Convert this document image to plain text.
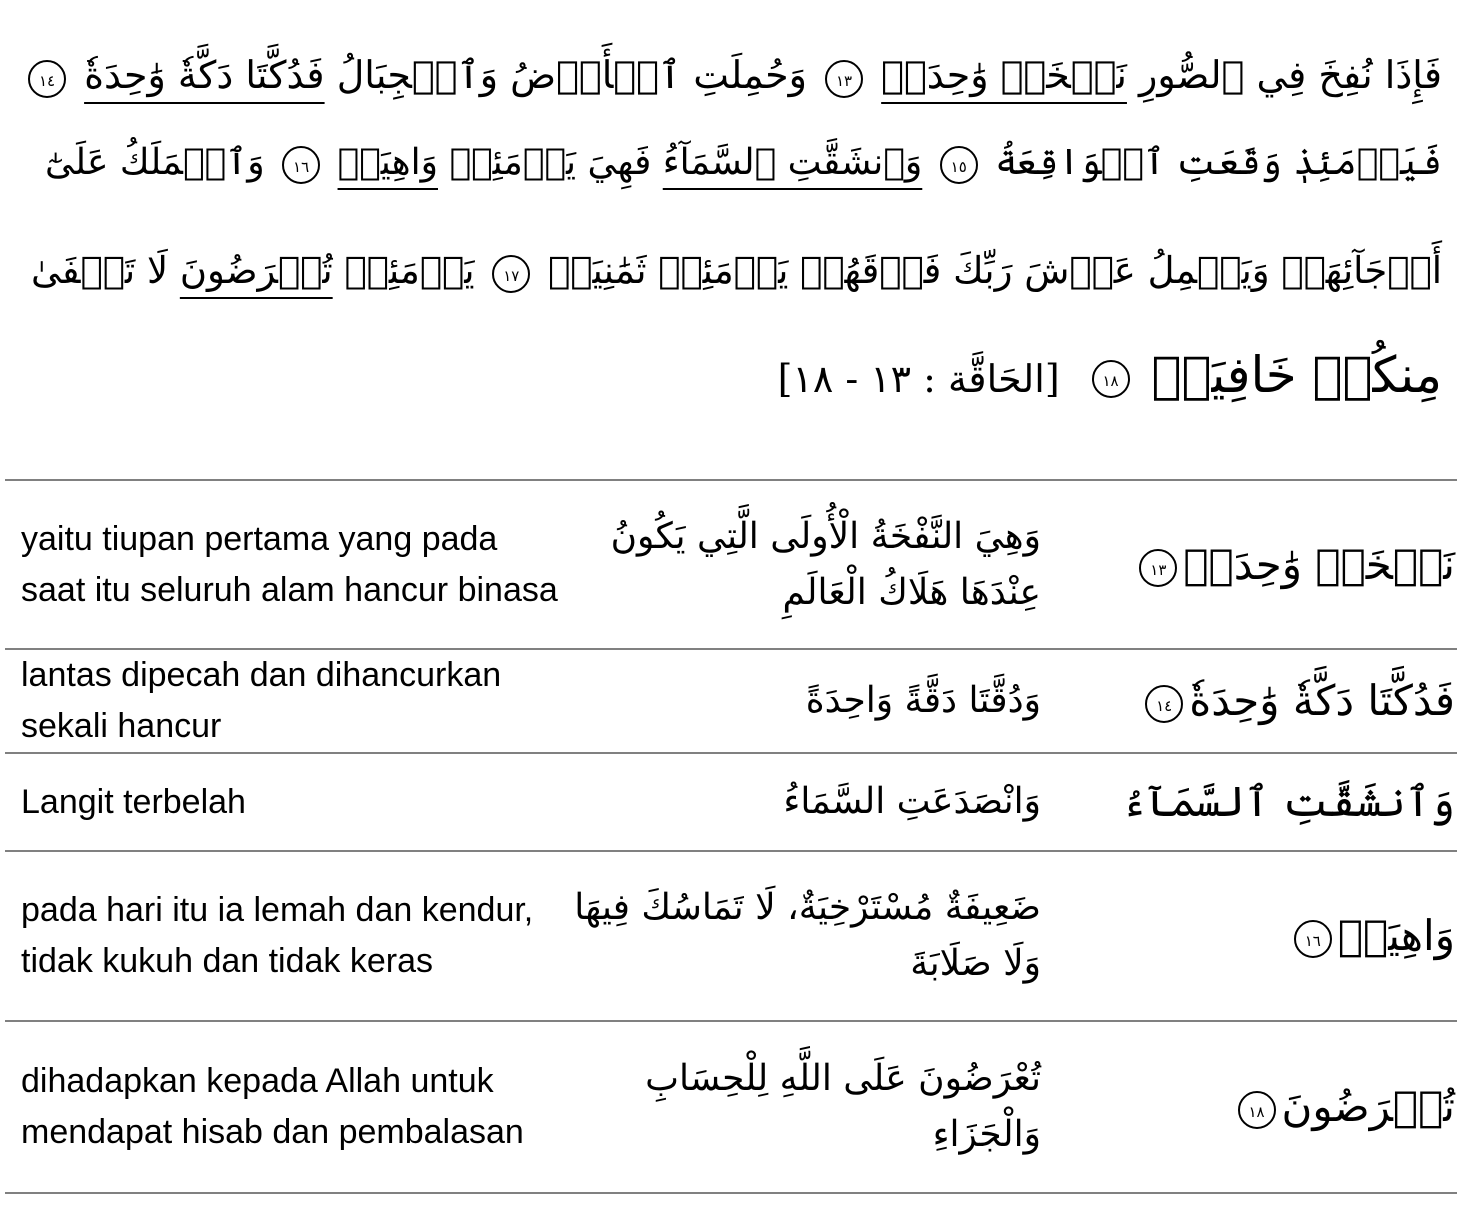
فَإِذَا نُفِخَ فِي ٱلصُّورِ نَفۡخَةٞ وَٰحِدَةٞ ١٣ وَحُمِلَتِ ٱلۡأَرۡضُ وَٱلۡجِبَالُ فَدُكَّتَا دَكَّةٗ وَٰحِدَةٗ ١٤
فَيَوۡمَئِذٖ وَقَعَتِ ٱلۡوَاقِعَةُ ١٥ وَٱنشَقَّتِ ٱلسَّمَآءُ فَهِيَ يَوۡمَئِذٖ وَاهِيَةٞ ١٦ وَٱلۡمَلَكُ عَلَىٰٓ
أَرۡجَآئِهَاۚ وَيَحۡمِلُ عَرۡشَ رَبِّكَ فَوۡقَهُمۡ يَوۡمَئِذٖ ثَمَٰنِيَةٞ ١٧ يَوۡمَئِذٖ تُعۡرَضُونَ لَا تَخۡفَىٰ
مِنكُمۡ خَافِيَةٞ ١٨ [الحَاقَّة : ١٣ - ١٨]
yaitu tiupan pertama yang pada saat itu seluruh alam hancur binasa	وَهِيَ النَّفْخَةُ الْأُولَى الَّتِي يَكُونُ عِنْدَهَا هَلَاكُ الْعَالَمِ	نَفۡخَةٞ وَٰحِدَةٞ١٣
lantas dipecah dan dihancurkan sekali hancur	وَدُقَّتَا دَقَّةً وَاحِدَةً	فَدُكَّتَا دَكَّةٗ وَٰحِدَةٗ١٤
Langit terbelah	وَانْصَدَعَتِ السَّمَاءُ	وَٱنشَقَّتِ ٱلسَّمَآءُ
pada hari itu ia lemah dan kendur, tidak kukuh dan tidak keras	ضَعِيفَةٌ مُسْتَرْخِيَةٌ، لَا تَمَاسُكَ فِيهَا وَلَا صَلَابَةَ	وَاهِيَةٞ١٦
dihadapkan kepada Allah untuk mendapat hisab dan pembalasan	تُعْرَضُونَ عَلَى اللَّهِ لِلْحِسَابِ وَالْجَزَاءِ	تُعۡرَضُونَ١٨
